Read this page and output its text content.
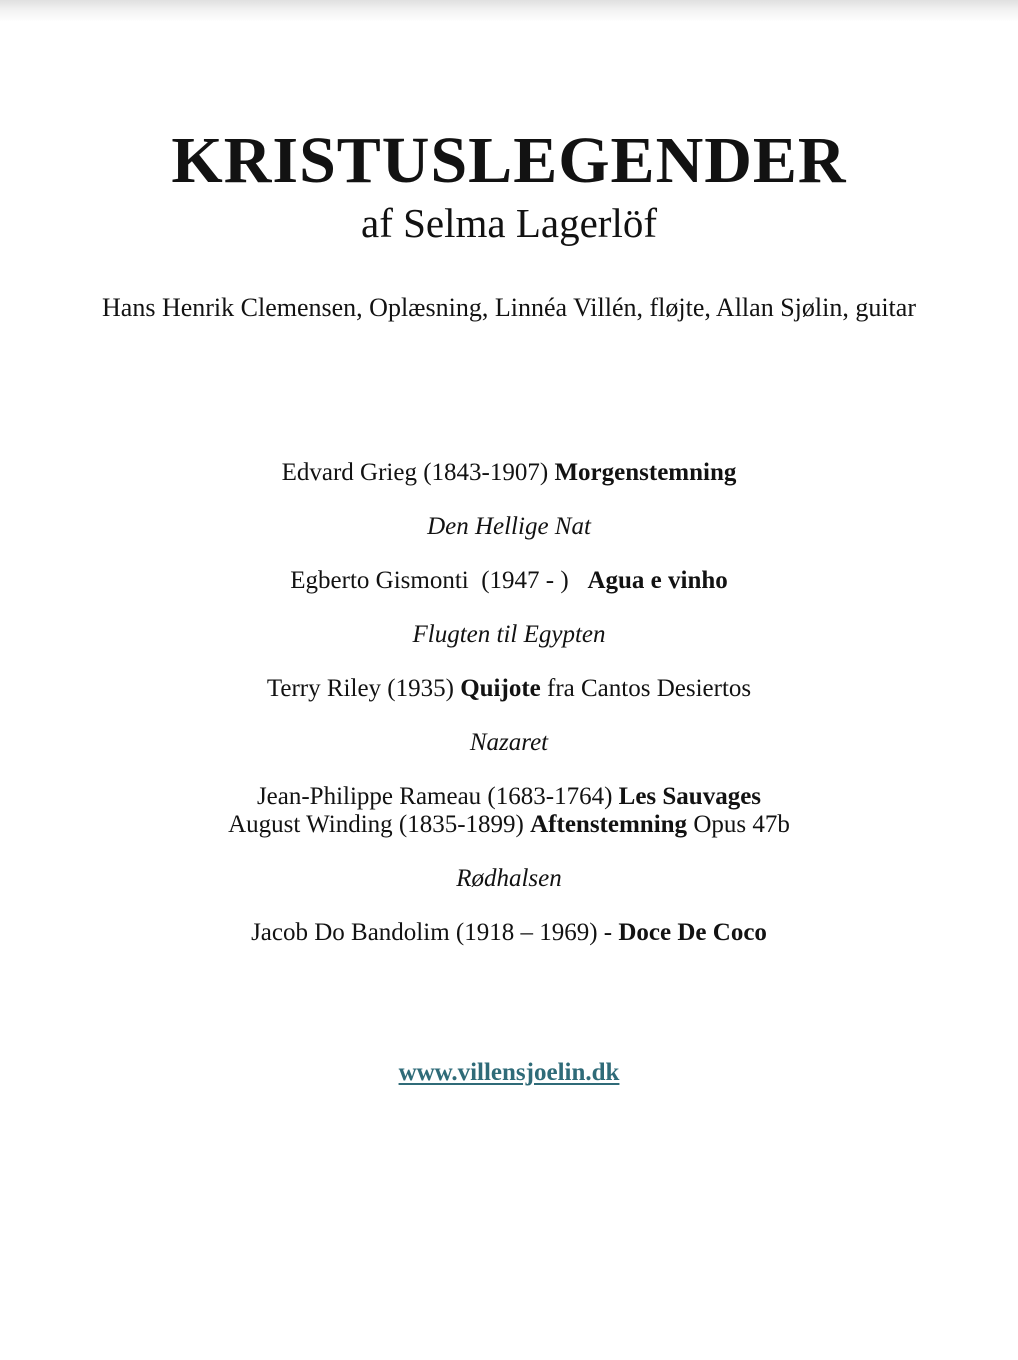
KRISTUSLEGENDER
af Selma Lagerlöf

Hans Henrik Clemensen, Oplæsning, Linnéa Villén, fløjte, Allan Sjølin, guitar

Edvard Grieg (1843-1907) Morgenstemning

Den Hellige Nat

Egberto Gismonti  (1947 - )   Agua e vinho

Flugten til Egypten

Terry Riley (1935) Quijote fra Cantos Desiertos

Nazaret

Jean-Philippe Rameau (1683-1764) Les Sauvages
August Winding (1835-1899) Aftenstemning Opus 47b

Rødhalsen

Jacob Do Bandolim (1918 – 1969) - Doce De Coco

www.villensjoelin.dk
